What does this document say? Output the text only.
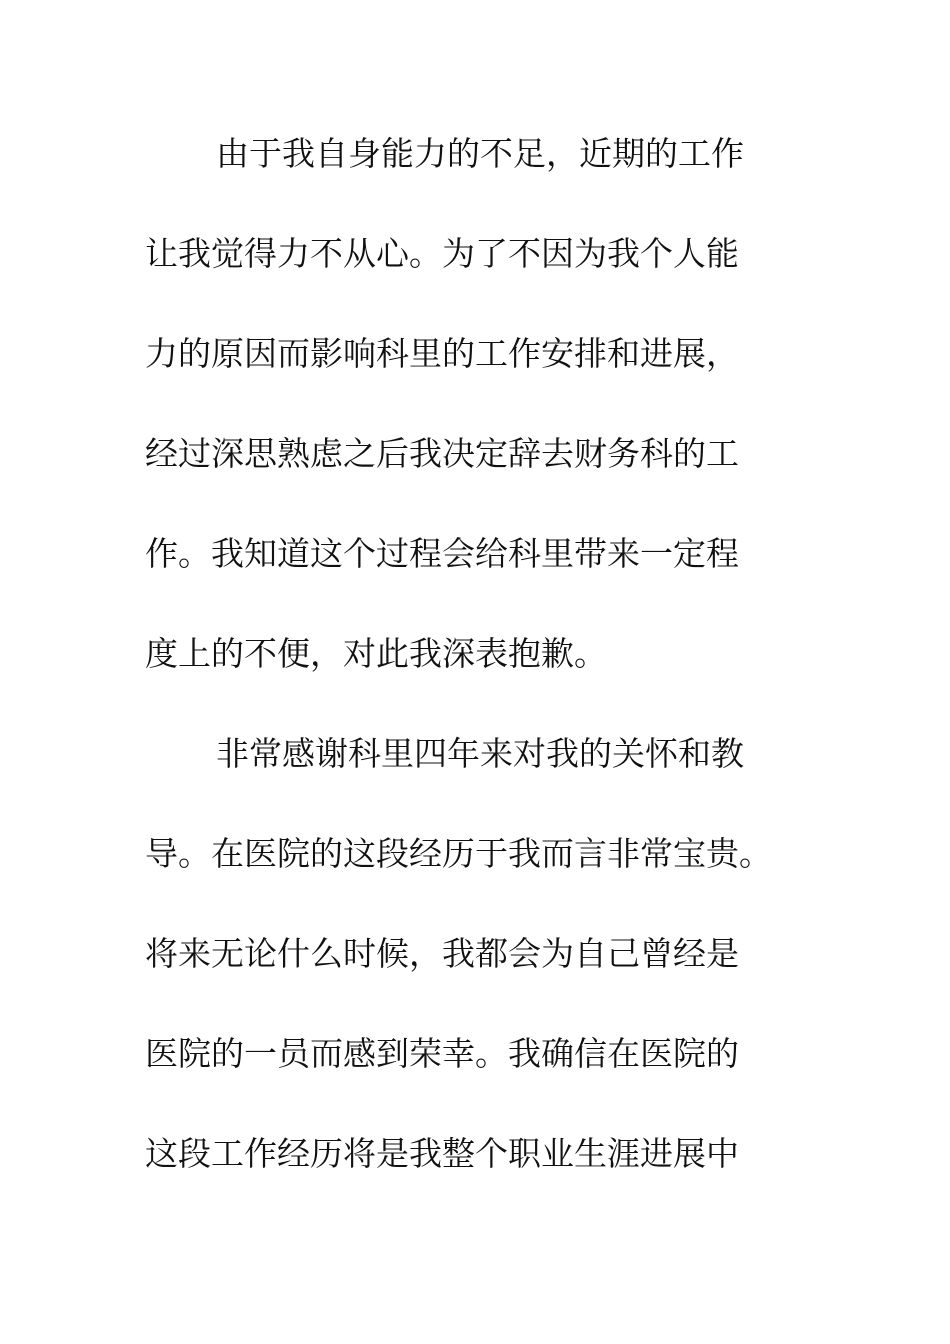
由于我自身能力的不足，近期的工作

让我觉得力不从心。为了不因为我个人能

力的原因而影响科里的工作安排和进展，

经过深思熟虑之后我决定辞去财务科的工

作。我知道这个过程会给科里带来一定程

度上的不便，对此我深表抱歉。

非常感谢科里四年来对我的关怀和教

导。在医院的这段经历于我而言非常宝贵。

将来无论什么时候，我都会为自己曾经是

医院的一员而感到荣幸。我确信在医院的

这段工作经历将是我整个职业生涯进展中
